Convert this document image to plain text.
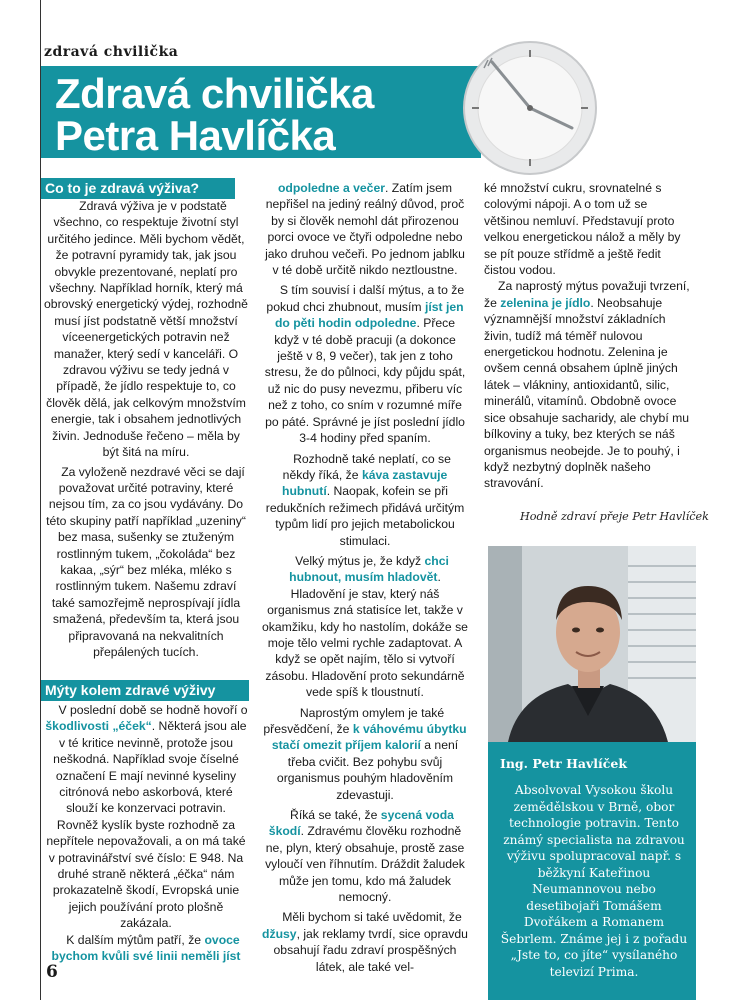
zdravá chvilička
Zdravá chvilička
Petra Havlíčka
Co to je zdravá výživa?

Zdravá výživa je v podstatě všechno, co respektuje životní styl určitého jedince. Měli bychom vědět, že potravní pyramidy tak, jak jsou obvykle prezentované, neplatí pro všechny. Například horník, který má obrovský energetický výdej, rozhodně musí jíst podstatně větší množství víceenergetických potravin než manažer, který sedí v kanceláři. O zdravou výživu se tedy jedná v případě, že jídlo respektuje to, co člověk dělá, jak celkovým množstvím energie, tak i obsahem jednotlivých živin. Jednoduše řečeno – měla by být šitá na míru.

Za vyloženě nezdravé věci se dají považovat určité potraviny, které nejsou tím, za co jsou vydávány. Do této skupiny patří například „uzeniny“ bez masa, sušenky se ztuženým rostlinným tukem, „čokoláda“ bez kakaa, „sýr“ bez mléka, mléko s rostlinným tukem. Našemu zdraví také samozřejmě neprospívají jídla smažená, především ta, která jsou připravovaná na nekvalitních přepálených tucích.

Mýty kolem zdravé výživy

V poslední době se hodně hovoří o škodlivosti „éček“. Některá jsou ale v té kritice nevinně, protože jsou neškodná. Například svoje číselné označení E mají nevinné kyseliny citrónová nebo askorbová, které slouží ke konzervaci potravin. Rovněž kyslík byste rozhodně za nepřítele nepovažovali, a on má také v potravinářství své číslo: E 948. Na druhé straně některá „éčka“ nám prokazatelně škodí, Evropská unie jejich používání proto plošně zakázala.

K dalším mýtům patří, že ovoce bychom kvůli své linii neměli jíst

odpoledne a večer. Zatím jsem nepřišel na jediný reálný důvod, proč by si člověk nemohl dát přirozenou porci ovoce ve čtyři odpoledne nebo jako druhou večeři. Po jednom jablku v té době určitě nikdo neztloustne.

S tím souvisí i další mýtus, a to že pokud chci zhubnout, musím jíst jen do pěti hodin odpoledne. Přece když v té době pracuji (a dokonce ještě v 8, 9 večer), tak jen z toho stresu, že do půlnoci, kdy půjdu spát, už nic do pusy nevezmu, přiberu víc než z toho, co sním v rozumné míře po páté. Správné je jíst poslední jídlo 3-4 hodiny před spaním.

Rozhodně také neplatí, co se někdy říká, že káva zastavuje hubnutí. Naopak, kofein se při redukčních režimech přidává určitým typům lidí pro jejich metabolickou stimulaci.

Velký mýtus je, že když chci hubnout, musím hladovět. Hladovění je stav, který náš organismus zná statisíce let, takže v okamžiku, kdy ho nastolím, dokáže se moje tělo velmi rychle zadaptovat. A když se opět najím, tělo si vytvoří zásobu. Hladovění proto sekundárně vede spíš k tloustnutí.

Naprostým omylem je také přesvědčení, že k váhovému úbytku stačí omezit příjem kalorií a není třeba cvičit. Bez pohybu svůj organismus pouhým hladověním zdevastuji.

Říká se také, že sycená voda škodí. Zdravému člověku rozhodně ne, plyn, který obsahuje, prostě zase vyloučí ven říhnutím. Dráždit žaludek může jen tomu, kdo má žaludek nemocný.

Měli bychom si také uvědomit, že džusy, jak reklamy tvrdí, sice opravdu obsahují řadu zdraví prospěšných látek, ale také vel-

ké množství cukru, srovnatelné s colovými nápoji. A o tom už se většinou nemluví. Představují proto velkou energetickou nálož a měly by se pít pouze střídmě a ještě ředit čistou vodou.

Za naprostý mýtus považuji tvrzení, že zelenina je jídlo. Neobsahuje významnější množství základních živin, tudíž má téměř nulovou energetickou hodnotu. Zelenina je ovšem cenná obsahem úplně jiných látek – vlákniny, antioxidantů, silic, minerálů, vitamínů. Obdobně ovoce sice obsahuje sacharidy, ale chybí mu bílkoviny a tuky, bez kterých se náš organismus neobejde. Je to pouhý, i když nezbytný doplněk našeho stravování.

Hodně zdraví přeje Petr Havlíček
Ing. Petr Havlíček
Absolvoval Vysokou školu zemědělskou v Brně, obor technologie potravin. Tento známý specialista na zdravou výživu spolupracoval např. s běžkyní Kateřinou Neumannovou nebo desetibojaři Tomášem Dvořákem a Romanem Šebrlem. Známe jej i z pořadu „Jste to, co jíte“ vysílaného televizí Prima.
6
